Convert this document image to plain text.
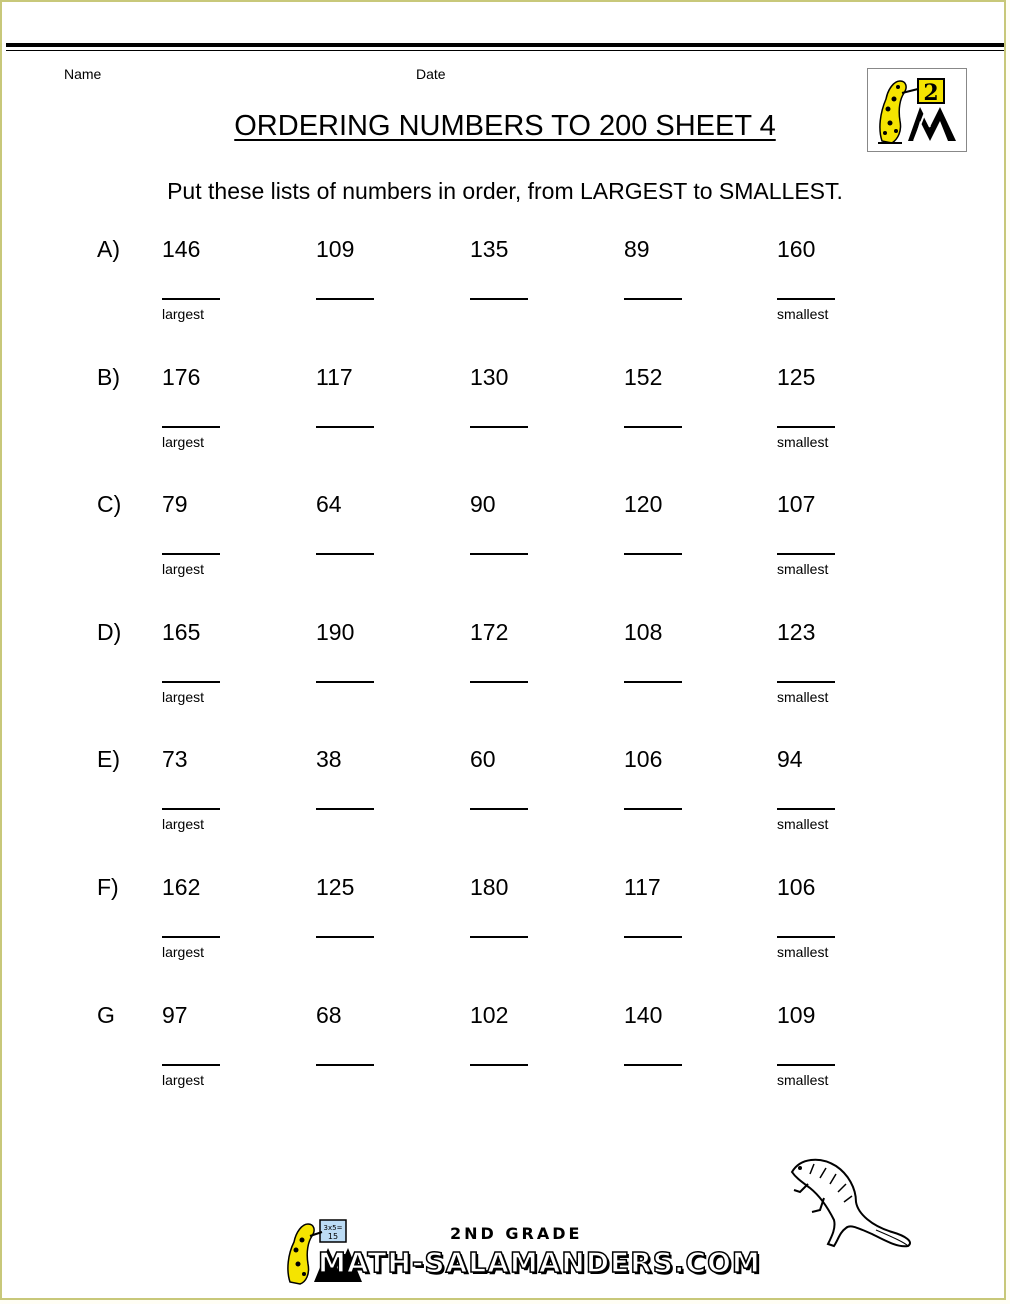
Name	Date
2
ORDERING NUMBERS TO 200 SHEET 4
Put these lists of numbers in order, from LARGEST to SMALLEST.
A) 146	109	135	89	160
largest	smallest
B) 176	117	130	152	125
largest	smallest
C) 79	64	90	120	107
largest	smallest
D) 165	190	172	108	123
largest	smallest
E) 73	38	60	106	94
largest	smallest
F) 162	125	180	117	106
largest	smallest
G 97	68	102	140	109
largest	smallest
3x5=
15	2ND GRADE
MATH-SALAMANDERS.COM
